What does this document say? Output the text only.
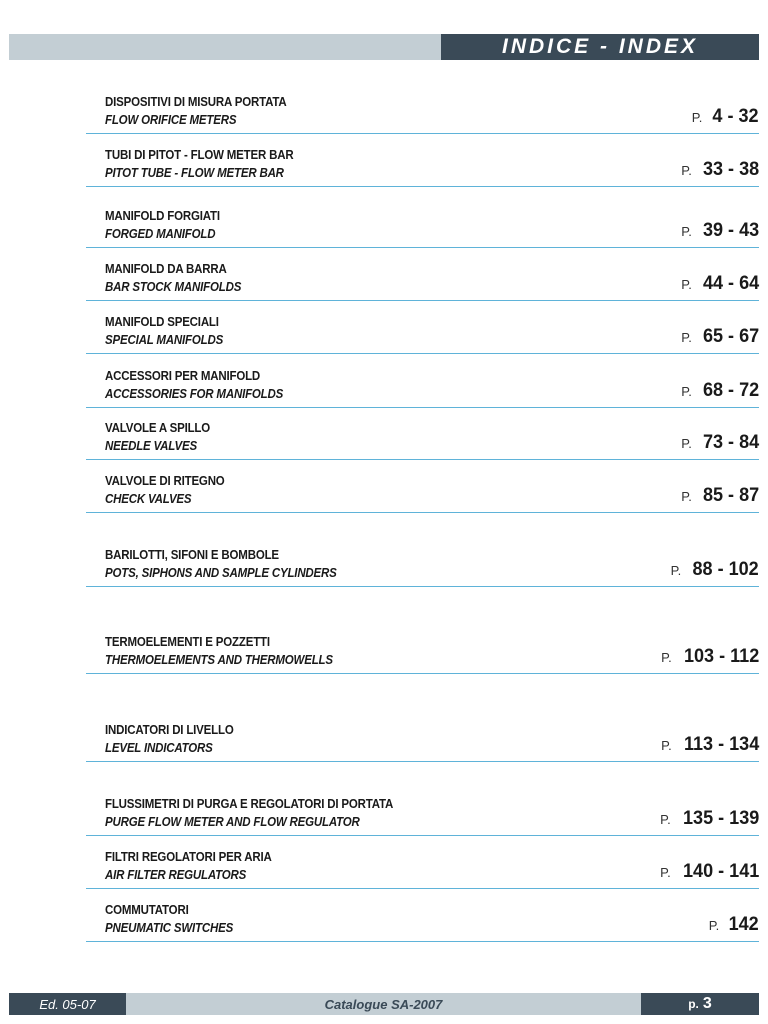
INDICE - INDEX
DISPOSITIVI DI MISURA PORTATA
FLOW ORIFICE METERS	P. 4 - 32
TUBI DI PITOT - FLOW METER BAR
PITOT TUBE - FLOW METER BAR	P. 33 - 38
MANIFOLD FORGIATI
FORGED MANIFOLD	P. 39 - 43
MANIFOLD DA BARRA
BAR STOCK MANIFOLDS	P. 44 - 64
MANIFOLD SPECIALI
SPECIAL MANIFOLDS	P. 65 - 67
ACCESSORI PER MANIFOLD
ACCESSORIES FOR MANIFOLDS	P. 68 - 72
VALVOLE A SPILLO
NEEDLE VALVES	P. 73 - 84
VALVOLE DI RITEGNO
CHECK VALVES	P. 85 - 87
BARILOTTI, SIFONI E BOMBOLE
POTS, SIPHONS AND SAMPLE CYLINDERS	P. 88 - 102
TERMOELEMENTI E POZZETTI
THERMOELEMENTS AND THERMOWELLS	P. 103 - 112
INDICATORI DI LIVELLO
LEVEL INDICATORS	P. 113 - 134
FLUSSIMETRI DI PURGA E REGOLATORI DI PORTATA
PURGE FLOW METER AND FLOW REGULATOR	P. 135 - 139
FILTRI REGOLATORI PER ARIA
AIR FILTER REGULATORS	P. 140 - 141
COMMUTATORI
PNEUMATIC SWITCHES	P. 142
Ed. 05-07	Catalogue SA-2007	p. 3
